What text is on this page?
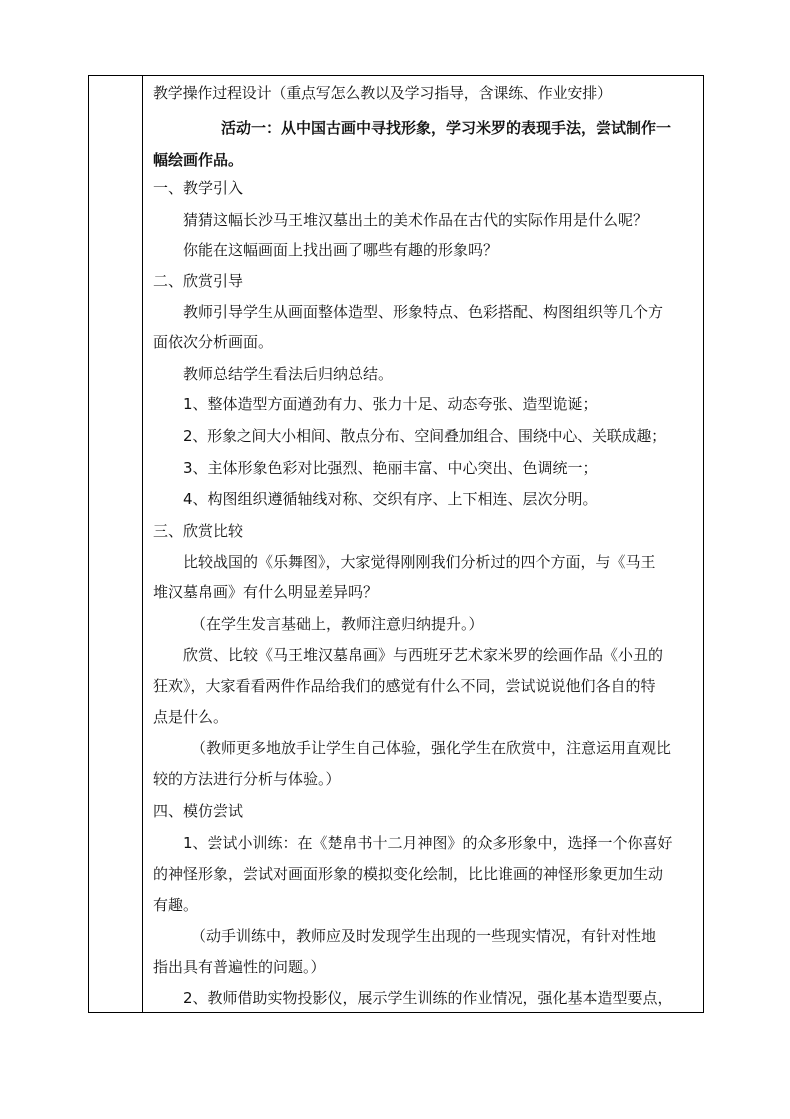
教学操作过程设计（重点写怎么教以及学习指导，含课练、作业安排）
活动一：从中国古画中寻找形象，学习米罗的表现手法，尝试制作一
幅绘画作品。
一、教学引入
猜猜这幅长沙马王堆汉墓出土的美术作品在古代的实际作用是什么呢？
你能在这幅画面上找出画了哪些有趣的形象吗？
二、欣赏引导
教师引导学生从画面整体造型、形象特点、色彩搭配、构图组织等几个方
面依次分析画面。
教师总结学生看法后归纳总结。
1、整体造型方面遒劲有力、张力十足、动态夸张、造型诡诞；
2、形象之间大小相间、散点分布、空间叠加组合、围绕中心、关联成趣；
3、主体形象色彩对比强烈、艳丽丰富、中心突出、色调统一；
4、构图组织遵循轴线对称、交织有序、上下相连、层次分明。
三、欣赏比较
比较战国的《乐舞图》，大家觉得刚刚我们分析过的四个方面，与《马王
堆汉墓帛画》有什么明显差异吗？
（在学生发言基础上，教师注意归纳提升。）
欣赏、比较《马王堆汉墓帛画》与西班牙艺术家米罗的绘画作品《小丑的
狂欢》，大家看看两件作品给我们的感觉有什么不同，尝试说说他们各自的特
点是什么。
（教师更多地放手让学生自己体验，强化学生在欣赏中，注意运用直观比
较的方法进行分析与体验。）
四、模仿尝试
1、尝试小训练：在《楚帛书十二月神图》的众多形象中，选择一个你喜好
的神怪形象，尝试对画面形象的模拟变化绘制，比比谁画的神怪形象更加生动
有趣。
（动手训练中，教师应及时发现学生出现的一些现实情况，有针对性地
指出具有普遍性的问题。）
2、教师借助实物投影仪，展示学生训练的作业情况，强化基本造型要点，
